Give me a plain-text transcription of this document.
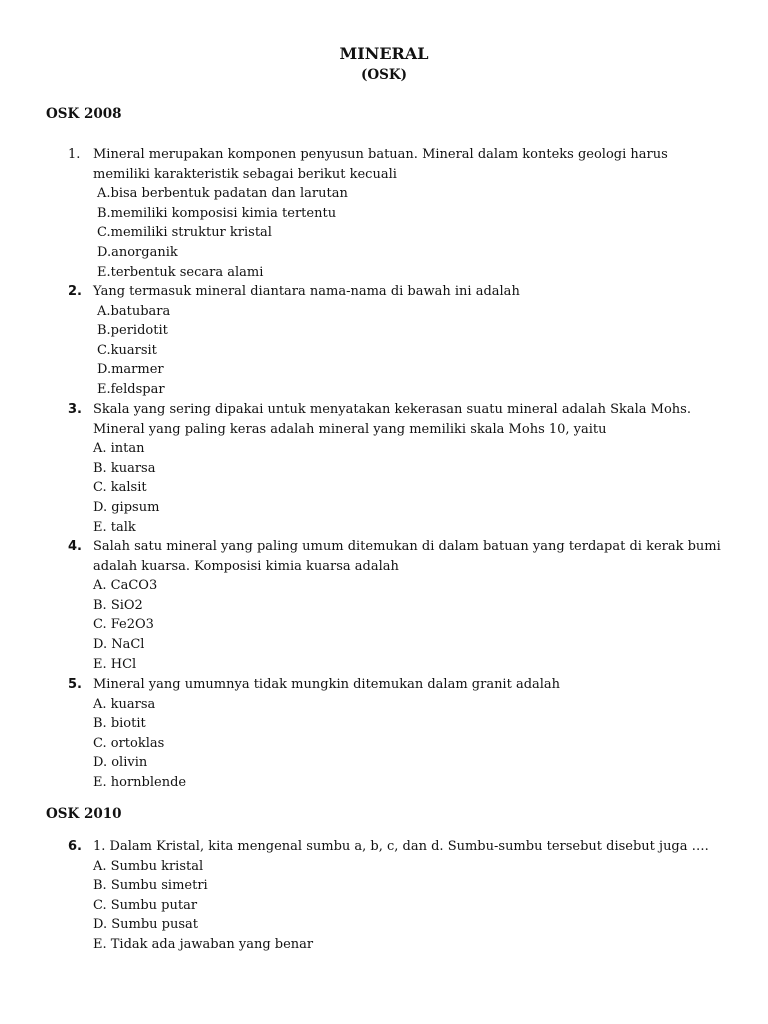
MINERAL
(OSK)
OSK 2008
1. Mineral merupakan komponen penyusun batuan. Mineral dalam konteks geologi harus
memiliki karakteristik sebagai berikut kecuali
A.bisa berbentuk padatan dan larutan
B.memiliki komposisi kimia tertentu
C.memiliki struktur kristal
D.anorganik
E.terbentuk secara alami
2. Yang termasuk mineral diantara nama-nama di bawah ini adalah
A.batubara
B.peridotit
C.kuarsit
D.marmer
E.feldspar
3. Skala yang sering dipakai untuk menyatakan kekerasan suatu mineral adalah Skala Mohs.
Mineral yang paling keras adalah mineral yang memiliki skala Mohs 10, yaitu
A. intan
B. kuarsa
C. kalsit
D. gipsum
E. talk
4. Salah satu mineral yang paling umum ditemukan di dalam batuan yang terdapat di kerak bumi
adalah kuarsa. Komposisi kimia kuarsa adalah
A. CaCO3
B. SiO2
C. Fe2O3
D. NaCl
E. HCl
5. Mineral yang umumnya tidak mungkin ditemukan dalam granit adalah
A. kuarsa
B. biotit
C. ortoklas
D. olivin
E. hornblende
OSK 2010
6. 1. Dalam Kristal, kita mengenal sumbu a, b, c, dan d. Sumbu-sumbu tersebut disebut juga ….
A. Sumbu kristal
B. Sumbu simetri
C. Sumbu putar
D. Sumbu pusat
E. Tidak ada jawaban yang benar
